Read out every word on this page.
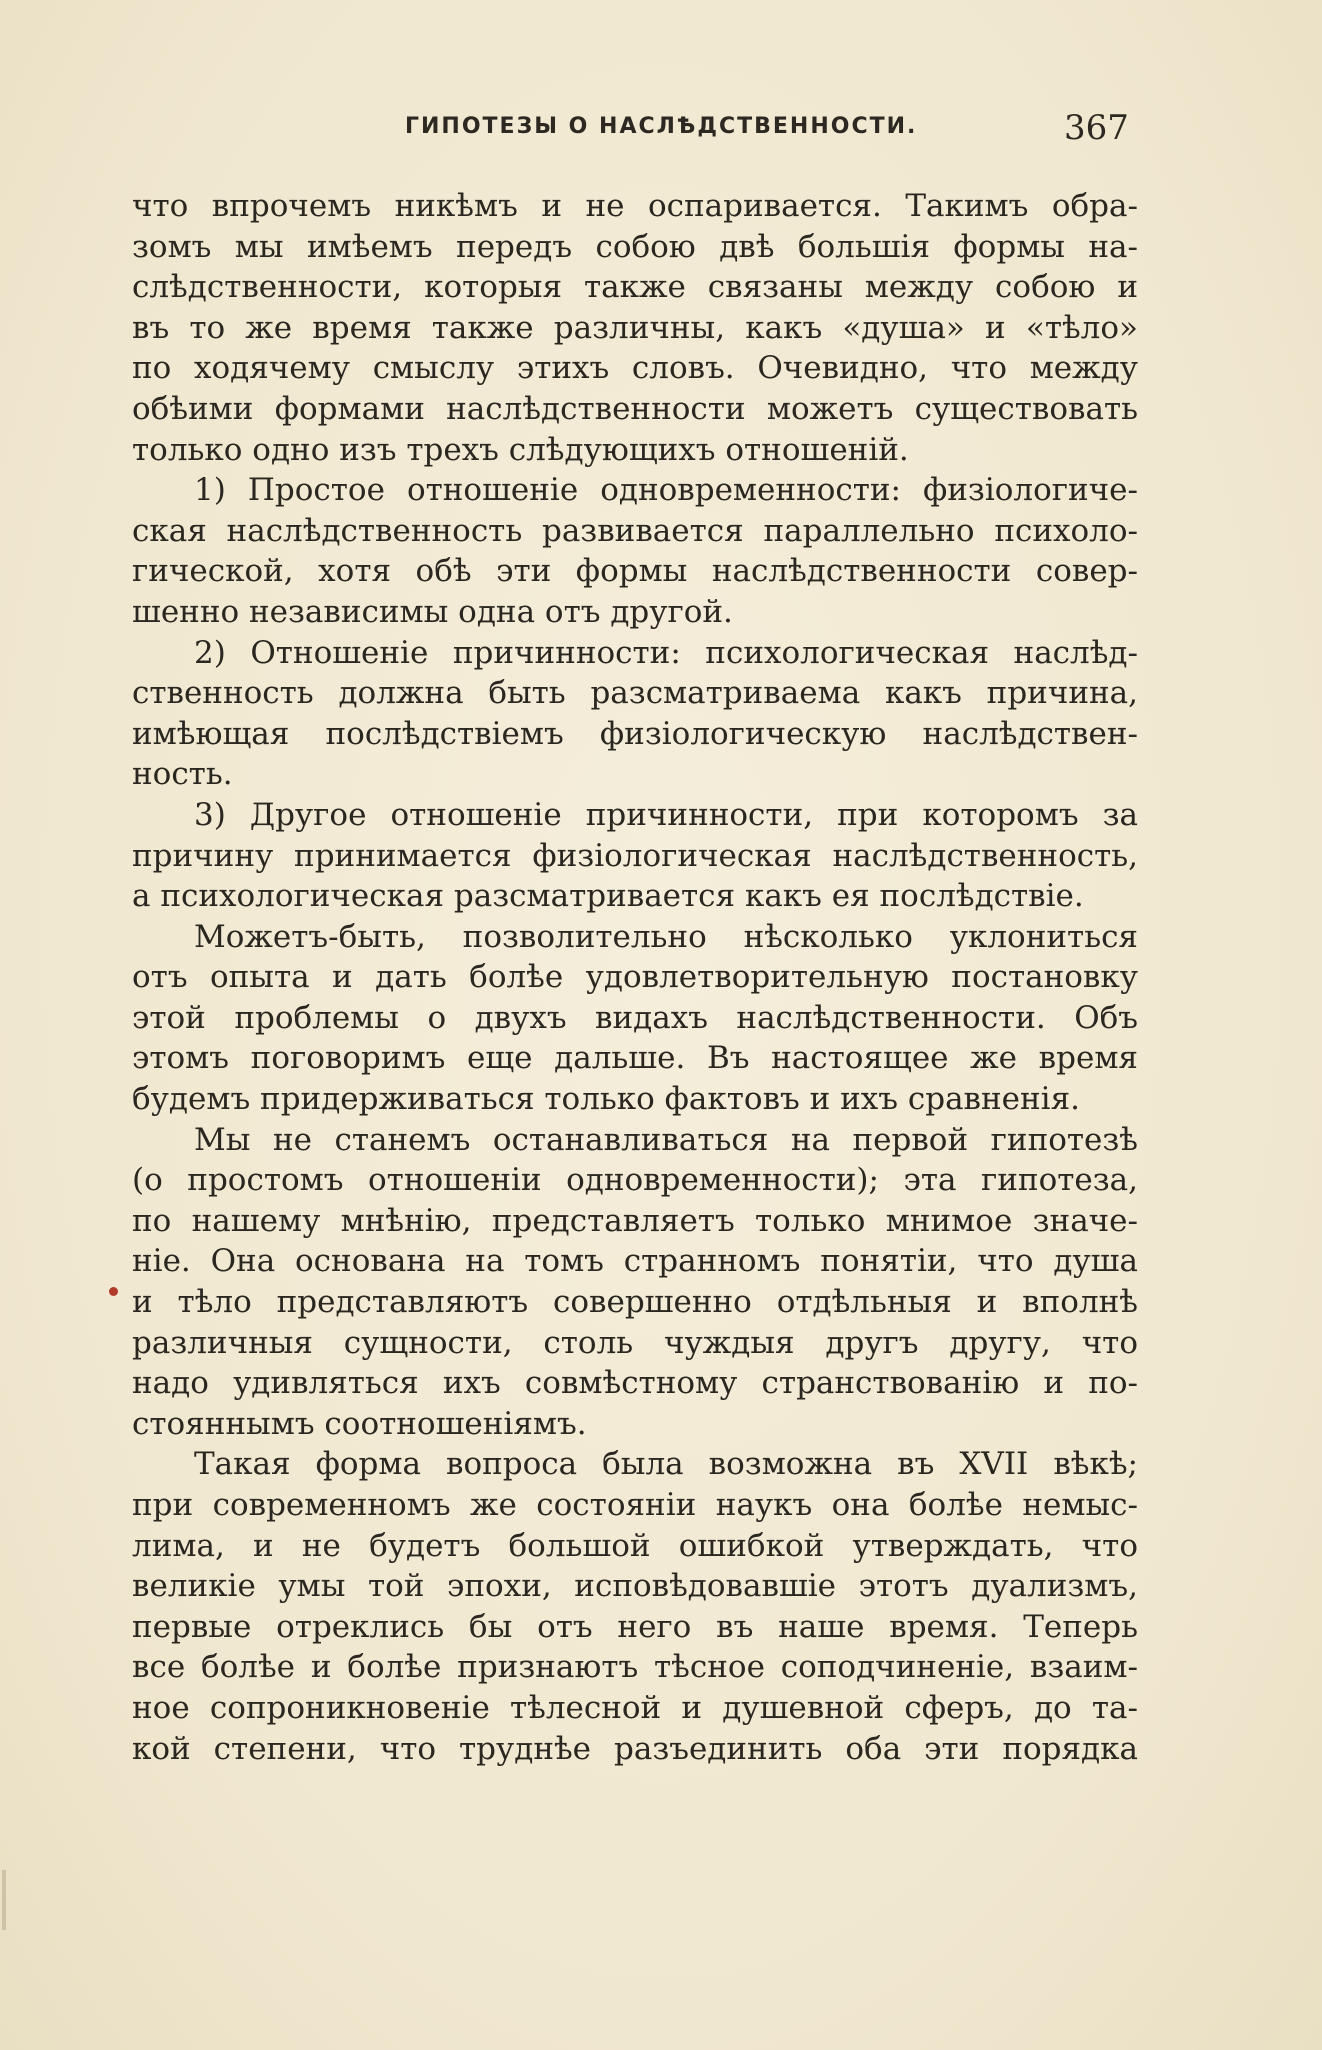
ГИПОТЕЗЫ О НАСЛѢДСТВЕННОСТИ.	367
что впрочемъ никѣмъ и не оспаривается. Такимъ обра-
зомъ мы имѣемъ передъ собою двѣ большія формы на-
слѣдственности, которыя также связаны между собою и
въ то же время также различны, какъ «душа» и «тѣло»
по ходячему смыслу этихъ словъ. Очевидно, что между
обѣими формами наслѣдственности можетъ существовать
только одно изъ трехъ слѣдующихъ отношеній.
1) Простое отношеніе одновременности: физіологиче-
ская наслѣдственность развивается параллельно психоло-
гической, хотя обѣ эти формы наслѣдственности совер-
шенно независимы одна отъ другой.
2) Отношеніе причинности: психологическая наслѣд-
ственность должна быть разсматриваема какъ причина,
имѣющая послѣдствіемъ физіологическую наслѣдствен-
ность.
3) Другое отношеніе причинности, при которомъ за
причину принимается физіологическая наслѣдственность,
а психологическая разсматривается какъ ея послѣдствіе.
Можетъ-быть, позволительно нѣсколько уклониться
отъ опыта и дать болѣе удовлетворительную постановку
этой проблемы о двухъ видахъ наслѣдственности. Объ
этомъ поговоримъ еще дальше. Въ настоящее же время
будемъ придерживаться только фактовъ и ихъ сравненія.
Мы не станемъ останавливаться на первой гипотезѣ
(о простомъ отношеніи одновременности); эта гипотеза,
по нашему мнѣнію, представляетъ только мнимое значе-
ніе. Она основана на томъ странномъ понятіи, что душа
и тѣло представляютъ совершенно отдѣльныя и вполнѣ
различныя сущности, столь чуждыя другъ другу, что
надо удивляться ихъ совмѣстному странствованію и по-
стояннымъ соотношеніямъ.
Такая форма вопроса была возможна въ XVII вѣкѣ;
при современномъ же состояніи наукъ она болѣе немыс-
лима, и не будетъ большой ошибкой утверждать, что
великіе умы той эпохи, исповѣдовавшіе этотъ дуализмъ,
первые отреклись бы отъ него въ наше время. Теперь
все болѣе и болѣе признаютъ тѣсное соподчиненіе, взаим-
ное сопроникновеніе тѣлесной и душевной сферъ, до та-
кой степени, что труднѣе разъединить оба эти порядка
